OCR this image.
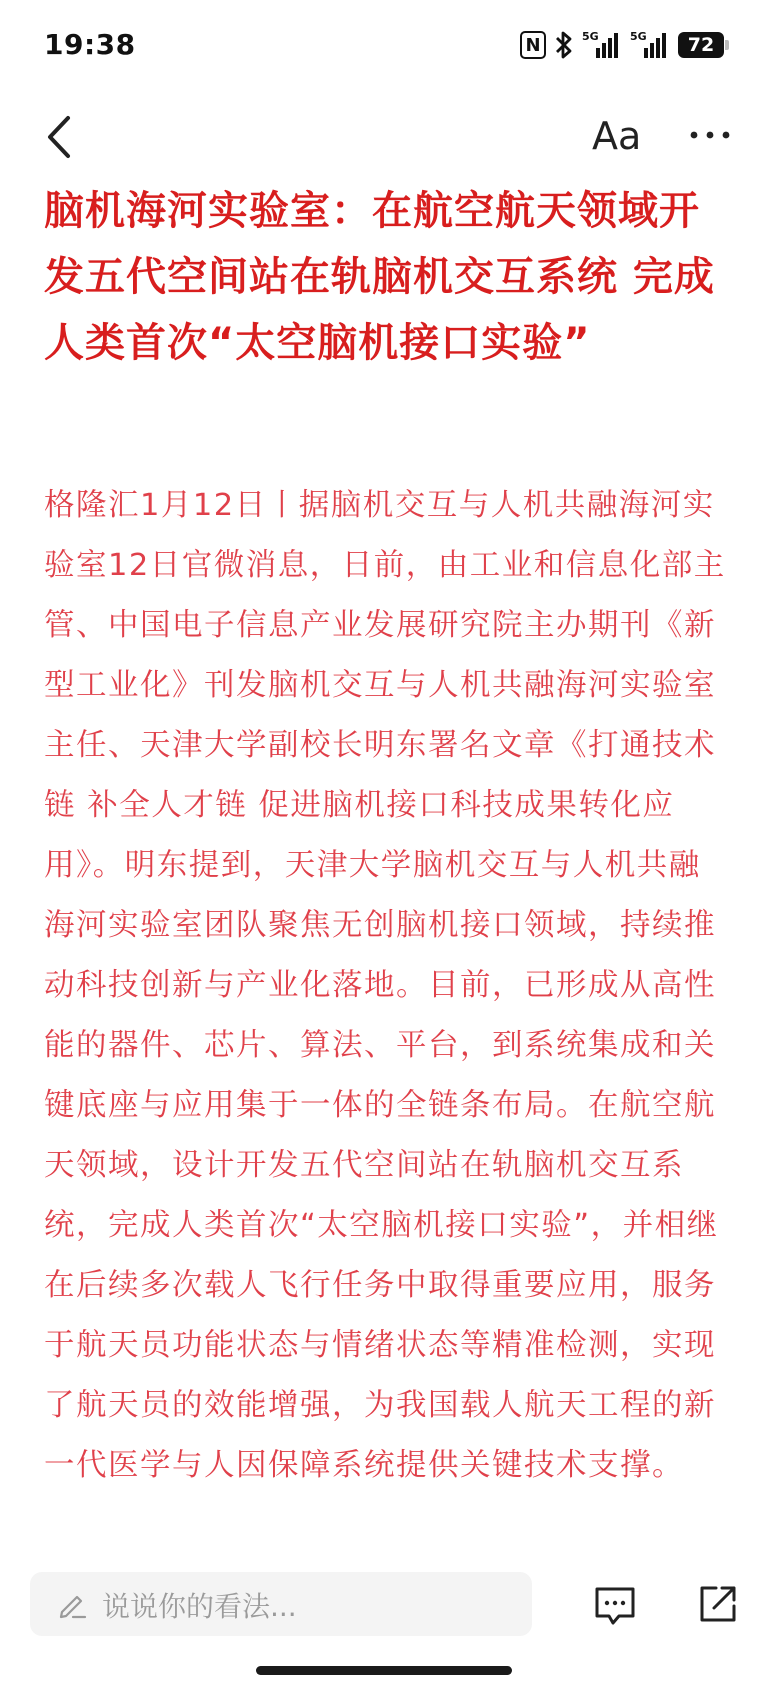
19:38	N	5G	5G	72
Aa
脑机海河实验室：在航空航天领域开发五代空间站在轨脑机交互系统 完成人类首次“太空脑机接口实验”

格隆汇1月12日丨据脑机交互与人机共融海河实验室12日官微消息，日前，由工业和信息化部主管、中国电子信息产业发展研究院主办期刊《新型工业化》刊发脑机交互与人机共融海河实验室主任、天津大学副校长明东署名文章《打通技术链 补全人才链 促进脑机接口科技成果转化应用》。明东提到，天津大学脑机交互与人机共融海河实验室团队聚焦无创脑机接口领域，持续推动科技创新与产业化落地。目前，已形成从高性能的器件、芯片、算法、平台，到系统集成和关键底座与应用集于一体的全链条布局。在航空航天领域，设计开发五代空间站在轨脑机交互系统，完成人类首次“太空脑机接口实验”，并相继在后续多次载人飞行任务中取得重要应用，服务于航天员功能状态与情绪状态等精准检测，实现了航天员的效能增强，为我国载人航天工程的新一代医学与人因保障系统提供关键技术支撑。

说说你的看法...
